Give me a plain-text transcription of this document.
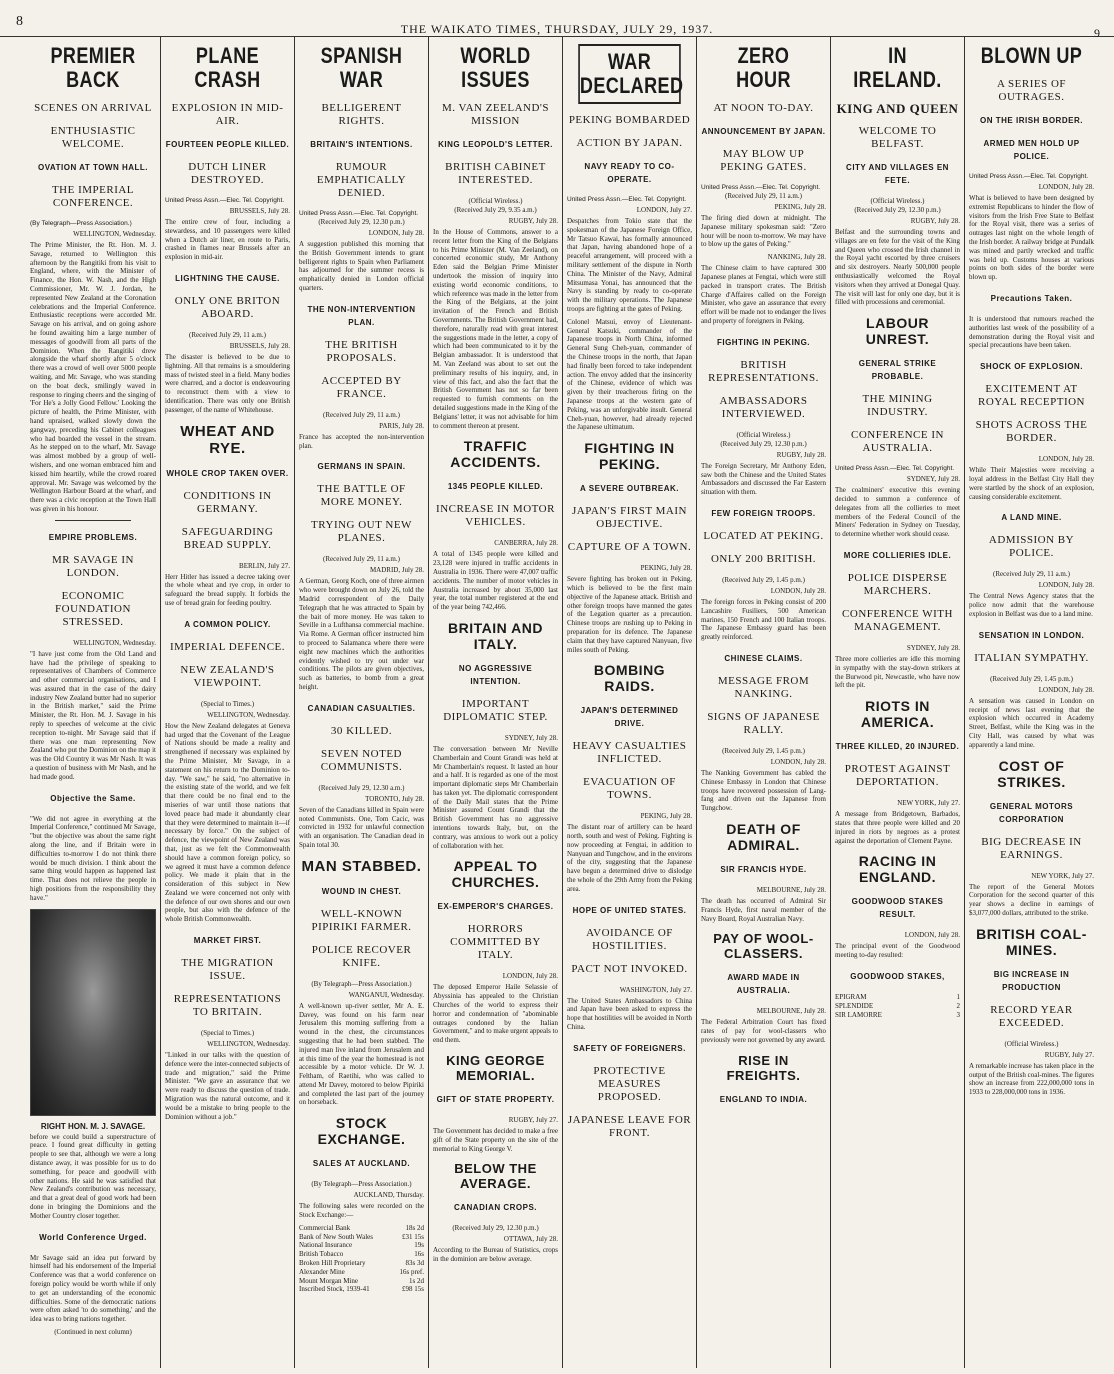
8	THE WAIKATO TIMES, THURSDAY, JULY 29, 1937.	9
PREMIER BACK
SCENES ON ARRIVAL
ENTHUSIASTIC WELCOME.
OVATION AT TOWN HALL.
THE IMPERIAL CONFERENCE.
(By Telegraph—Press Association.)
WELLINGTON, Wednesday.
The Prime Minister, the Rt. Hon. M. J. Savage, returned to Wellington this afternoon by the Rangitiki from his visit to England, where, with the Minister of Finance, the Hon. W. Nash, and the High Commissioner, Mr. W. J. Jordan, he represented New Zealand at the Coronation celebrations and the Imperial Conference. Enthusiastic receptions were accorded Mr. Savage on his arrival, and on going ashore he found awaiting him a large number of messages of goodwill from all parts of the Dominion. When the Rangitiki drew alongside the wharf shortly after 5 o'clock there was a crowd of well over 5000 people waiting, and Mr. Savage, who was standing on the boat deck, smilingly waved in response to ringing cheers and the singing of 'For He's a Jolly Good Fellow.' Looking the picture of health, the Prime Minister, with hand upraised, walked slowly down the gangway, preceding his Cabinet colleagues who had boarded the vessel in the stream. As he stepped on to the wharf, Mr. Savage was almost mobbed by a group of well-wishers, and one woman embraced him and kissed him heartily, while the crowd roared approval. Mr. Savage was welcomed by the Wellington Harbour Board at the wharf, and there was a civic reception at the Town Hall was given in his honour.
EMPIRE PROBLEMS.
MR SAVAGE IN LONDON.
ECONOMIC FOUNDATION STRESSED.
WELLINGTON, Wednesday.
"I have just come from the Old Land and have had the privilege of speaking to representatives of Chambers of Commerce and other commercial organisations, and I was assured that in the case of the dairy industry New Zealand butter had no superior in the British market," said the Prime Minister, the Rt. Hon. M. J. Savage in his reply to speeches of welcome at the civic reception to-night. Mr Savage said that if there was one man representing New Zealand who put the Dominion on the map it was the Old Country it was Mr Nash. It was a question of business with Mr Nash, and he had made good.
Objective the Same.
"We did not agree in everything at the Imperial Conference," continued Mr Savage, "but the objective was about the same right along the line, and if Britain were in difficulties to-morrow I do not think there would be much division. I think about the same thing would happen as happened last time. That does not relieve the people in high positions from the responsibility they have."
RIGHT HON. M. J. SAVAGE.
before we could build a superstructure of peace. I found great difficulty in getting people to see that, although we were a long distance away, it was possible for us to do something, for peace and goodwill with other nations. He said he was satisfied that New Zealand's contribution was necessary, and that a great deal of good work had been done in bringing the Dominions and the Mother Country closer together.
World Conference Urged.
Mr Savage said an idea put forward by himself had his endorsement of the Imperial Conference was that a world conference on foreign policy would be worth while if only to get an understanding of the economic difficulties. Some of the democratic nations were often asked 'to do something,' and the idea was to bring nations together.
(Continued in next column)
PLANE CRASH
EXPLOSION IN MID-AIR.
FOURTEEN PEOPLE KILLED.
DUTCH LINER DESTROYED.
United Press Assn.—Elec. Tel. Copyright.
BRUSSELS, July 28.
The entire crew of four, including a stewardess, and 10 passengers were killed when a Dutch air liner, en route to Paris, crashed in flames near Brussels after an explosion in mid-air.
LIGHTNING THE CAUSE.
ONLY ONE BRITON ABOARD.
(Received July 29, 11 a.m.)
BRUSSELS, July 28.
The disaster is believed to be due to lightning. All that remains is a smouldering mass of twisted steel in a field. Many bodies were charred, and a doctor is endeavouring to reconstruct them with a view to identification. There was only one British passenger, of the name of Whitehouse.
WHEAT AND RYE.
WHOLE CROP TAKEN OVER.
CONDITIONS IN GERMANY.
SAFEGUARDING BREAD SUPPLY.
BERLIN, July 27.
Herr Hitler has issued a decree taking over the whole wheat and rye crop, in order to safeguard the bread supply. It forbids the use of bread grain for feeding poultry.
A COMMON POLICY.
IMPERIAL DEFENCE.
NEW ZEALAND'S VIEWPOINT.
(Special to Times.)
WELLINGTON, Wednesday.
How the New Zealand delegates at Geneva had urged that the Covenant of the League of Nations should be made a reality and strengthened if necessary was explained by the Prime Minister, Mr Savage, in a statement on his return to the Dominion to-day. "We saw," he said, "no alternative in the existing state of the world, and we felt that there could be no final end to the miseries of war until those nations that loved peace had made it abundantly clear that they were determined to maintain it—if necessary by force." On the subject of defence, the viewpoint of New Zealand was that, just as we felt the Commonwealth should have a common foreign policy, so we agreed it must have a common defence policy. We made it plain that in the consideration of this subject in New Zealand we were concerned not only with the defence of our own shores and our own people, but also with the defence of the whole British Commonwealth.
MARKET FIRST.
THE MIGRATION ISSUE.
REPRESENTATIONS TO BRITAIN.
(Special to Times.)
WELLINGTON, Wednesday.
"Linked in our talks with the question of defence were the inter-connected subjects of trade and migration," said the Prime Minister. "We gave an assurance that we were ready to discuss the question of trade. Migration was the natural outcome, and it would be a mistake to bring people to the Dominion without a job."
SPANISH WAR
BELLIGERENT RIGHTS.
BRITAIN'S INTENTIONS.
RUMOUR EMPHATICALLY DENIED.
United Press Assn.—Elec. Tel. Copyright.
(Received July 29, 12.30 p.m.)
LONDON, July 28.
A suggestion published this morning that the British Government intends to grant belligerent rights to Spain when Parliament has adjourned for the summer recess is emphatically denied in London official quarters.
THE NON-INTERVENTION PLAN.
THE BRITISH PROPOSALS.
ACCEPTED BY FRANCE.
(Received July 29, 11 a.m.)
PARIS, July 28.
France has accepted the non-intervention plan.
GERMANS IN SPAIN.
THE BATTLE OF MORE MONEY.
TRYING OUT NEW PLANES.
(Received July 29, 11 a.m.)
MADRID, July 28.
A German, Georg Koch, one of three airmen who were brought down on July 26, told the Madrid correspondent of the Daily Telegraph that he was attracted to Spain by the bait of more money. He was taken to Seville in a Lufthansa commercial machine. Via Rome. A German officer instructed him to proceed to Salamanca where there were eight new machines which the authorities evidently wished to try out under war conditions. The pilots are given objectives, such as batteries, to bomb from a great height.
CANADIAN CASUALTIES.
30 KILLED.
SEVEN NOTED COMMUNISTS.
(Received July 29, 12.30 a.m.)
TORONTO, July 28.
Seven of the Canadians killed in Spain were noted Communists. One, Tom Cacic, was convicted in 1932 for unlawful connection with an organisation. The Canadian dead in Spain total 30.
MAN STABBED.
WOUND IN CHEST.
WELL-KNOWN PIPIRIKI FARMER.
POLICE RECOVER KNIFE.
(By Telegraph—Press Association.)
WANGANUI, Wednesday.
A well-known up-river settler, Mr A. E. Davey, was found on his farm near Jerusalem this morning suffering from a wound in the chest, the circumstances suggesting that he had been stabbed. The injured man live inland from Jerusalem and at this time of the year the homestead is not accessible by a motor vehicle. Dr W. J. Feltham, of Raetihi, who was called to attend Mr Davey, motored to below Pipiriki and completed the last part of the journey on horseback.
STOCK EXCHANGE.
SALES AT AUCKLAND.
(By Telegraph—Press Association.)
AUCKLAND, Thursday.
The following sales were recorded on the Stock Exchange:—
Commercial Bank	18s 2d
Bank of New South Wales	£31 15s
National Insurance	19s
British Tobacco	16s
Broken Hill Proprietary	83s 3d
Alexander Mine	16s pref.
Mount Morgan Mine	1s 2d
Inscribed Stock, 1939-41	£98 15s
WORLD ISSUES
M. VAN ZEELAND'S MISSION
KING LEOPOLD'S LETTER.
BRITISH CABINET INTERESTED.
(Official Wireless.)
(Received July 29, 9.35 a.m.)
RUGBY, July 28.
In the House of Commons, answer to a recent letter from the King of the Belgians to his Prime Minister (M. Van Zeeland), on concerted economic study, Mr Anthony Eden said the Belgian Prime Minister undertook the mission of inquiry into existing world economic conditions, to which reference was made in the letter from the King of the Belgians, at the joint invitation of the French and British Governments. The British Government had, therefore, naturally read with great interest the suggestions made in the letter, a copy of which had been communicated to it by the Belgian ambassador. It is understood that M. Van Zeeland was about to set out the preliminary results of his inquiry, and, in view of this fact, and also the fact that the British Government has not so far been requested to furnish comments on the detailed suggestions made in the King of the Belgians' letter, it was not advisable for him to comment thereon at present.
TRAFFIC ACCIDENTS.
1345 PEOPLE KILLED.
INCREASE IN MOTOR VEHICLES.
CANBERRA, July 28.
A total of 1345 people were killed and 23,128 were injured in traffic accidents in Australia in 1936. There were 47,007 traffic accidents. The number of motor vehicles in Australia increased by about 35,000 last year, the total number registered at the end of the year being 742,466.
BRITAIN AND ITALY.
NO AGGRESSIVE INTENTION.
IMPORTANT DIPLOMATIC STEP.
SYDNEY, July 28.
The conversation between Mr Neville Chamberlain and Count Grandi was held at Mr Chamberlain's request. It lasted an hour and a half. It is regarded as one of the most important diplomatic steps Mr Chamberlain has taken yet. The diplomatic correspondent of the Daily Mail states that the Prime Minister assured Count Grandi that the British Government has no aggressive intentions towards Italy, but, on the contrary, was anxious to work out a policy of collaboration with her.
APPEAL TO CHURCHES.
EX-EMPEROR'S CHARGES.
HORRORS COMMITTED BY ITALY.
LONDON, July 28.
The deposed Emperor Haile Selassie of Abyssinia has appealed to the Christian Churches of the world to express their horror and condemnation of "abominable outrages condoned by the Italian Government," and to make urgent appeals to end them.
KING GEORGE MEMORIAL.
GIFT OF STATE PROPERTY.
RUGBY, July 27.
The Government has decided to make a free gift of the State property on the site of the memorial to King George V.
BELOW THE AVERAGE.
CANADIAN CROPS.
(Received July 29, 12.30 p.m.)
OTTAWA, July 28.
According to the Bureau of Statistics, crops in the dominion are below average.
WAR DECLARED
PEKING BOMBARDED
ACTION BY JAPAN.
NAVY READY TO CO-OPERATE.
United Press Assn.—Elec. Tel. Copyright.
LONDON, July 27.
Despatches from Tokio state that the spokesman of the Japanese Foreign Office, Mr Tatsuo Kawai, has formally announced that Japan, having abandoned hope of a peaceful arrangement, will proceed with a military settlement of the dispute in North China. The Minister of the Navy, Admiral Mitsumasa Yonai, has announced that the Navy is standing by ready to co-operate with the military operations. The Japanese troops are fighting at the gates of Peking.
Colonel Matsui, envoy of Lieutenant-General Katsuki, commander of the Japanese troops in North China, informed General Sung Cheh-yuan, commander of the Chinese troops in the north, that Japan had finally been forced to take independent action. The envoy added that the insincerity of the Chinese, evidence of which was given by their treacherous firing on the Japanese troops at the western gate of Peking, was an unforgivable insult. General Cheh-yuan, however, had already rejected the Japanese ultimatum.
FIGHTING IN PEKING.
A SEVERE OUTBREAK.
JAPAN'S FIRST MAIN OBJECTIVE.
CAPTURE OF A TOWN.
PEKING, July 28.
Severe fighting has broken out in Peking, which is believed to be the first main objective of the Japanese attack. British and other foreign troops have manned the gates of the Legation quarter as a precaution. Chinese troops are rushing up to Peking in preparation for its defence. The Japanese claim that they have captured Nanyuan, five miles south of Peking.
BOMBING RAIDS.
JAPAN'S DETERMINED DRIVE.
HEAVY CASUALTIES INFLICTED.
EVACUATION OF TOWNS.
PEKING, July 28.
The distant roar of artillery can be heard north, south and west of Peking. Fighting is now proceeding at Fengtai, in addition to Nanyuan and Tungchow, and in the environs of the city, suggesting that the Japanese have begun a determined drive to dislodge the whole of the 29th Army from the Peking area.
HOPE OF UNITED STATES.
AVOIDANCE OF HOSTILITIES.
PACT NOT INVOKED.
WASHINGTON, July 27.
The United States Ambassadors to China and Japan have been asked to express the hope that hostilities will be avoided in North China.
SAFETY OF FOREIGNERS.
PROTECTIVE MEASURES PROPOSED.
JAPANESE LEAVE FOR FRONT.
ZERO HOUR
AT NOON TO-DAY.
ANNOUNCEMENT BY JAPAN.
MAY BLOW UP PEKING GATES.
United Press Assn.—Elec. Tel. Copyright.
(Received July 29, 11 a.m.)
PEKING, July 28.
The firing died down at midnight. The Japanese military spokesman said: "Zero hour will be noon to-morrow. We may have to blow up the gates of Peking."
NANKING, July 28.
The Chinese claim to have captured 300 Japanese planes at Fengtai, which were still packed in transport crates. The British Charge d'Affaires called on the Foreign Minister, who gave an assurance that every effort will be made not to endanger the lives and property of foreigners in Peking.
FIGHTING IN PEKING.
BRITISH REPRESENTATIONS.
AMBASSADORS INTERVIEWED.
(Official Wireless.)
(Received July 29, 12.30 p.m.)
RUGBY, July 28.
The Foreign Secretary, Mr Anthony Eden, saw both the Chinese and the United States Ambassadors and discussed the Far Eastern situation with them.
FEW FOREIGN TROOPS.
LOCATED AT PEKING.
ONLY 200 BRITISH.
(Received July 29, 1.45 p.m.)
LONDON, July 28.
The foreign forces in Peking consist of 200 Lancashire Fusiliers, 500 American marines, 150 French and 100 Italian troops. The Japanese Embassy guard has been greatly reinforced.
CHINESE CLAIMS.
MESSAGE FROM NANKING.
SIGNS OF JAPANESE RALLY.
(Received July 29, 1.45 p.m.)
LONDON, July 28.
The Nanking Government has cabled the Chinese Embassy in London that Chinese troops have recovered possession of Lang-fang and driven out the Japanese from Tungchow.
DEATH OF ADMIRAL.
SIR FRANCIS HYDE.
MELBOURNE, July 28.
The death has occurred of Admiral Sir Francis Hyde, first naval member of the Navy Board, Royal Australian Navy.
PAY OF WOOL-CLASSERS.
AWARD MADE IN AUSTRALIA.
MELBOURNE, July 28.
The Federal Arbitration Court has fixed rates of pay for wool-classers who previously were not governed by any award.
RISE IN FREIGHTS.
ENGLAND TO INDIA.
IN IRELAND.
KING AND QUEEN
WELCOME TO BELFAST.
CITY AND VILLAGES EN FETE.
(Official Wireless.)
(Received July 29, 12.30 p.m.)
RUGBY, July 28.
Belfast and the surrounding towns and villages are en fete for the visit of the King and Queen who crossed the Irish channel in the Royal yacht escorted by three cruisers and six destroyers. Nearly 500,000 people enthusiastically welcomed the Royal visitors when they arrived at Donegal Quay. The visit will last for only one day, but it is filled with processions and ceremonial.
LABOUR UNREST.
GENERAL STRIKE PROBABLE.
THE MINING INDUSTRY.
CONFERENCE IN AUSTRALIA.
United Press Assn.—Elec. Tel. Copyright.
SYDNEY, July 28.
The coalminers' executive this evening decided to summon a conference of delegates from all the collieries to meet members of the Federal Council of the Miners' Federation in Sydney on Tuesday, to determine whether work should cease.
MORE COLLIERIES IDLE.
POLICE DISPERSE MARCHERS.
CONFERENCE WITH MANAGEMENT.
SYDNEY, July 28.
Three more collieries are idle this morning in sympathy with the stay-down strikers at the Burwood pit, Newcastle, who have now left the pit.
RIOTS IN AMERICA.
THREE KILLED, 20 INJURED.
PROTEST AGAINST DEPORTATION.
NEW YORK, July 27.
A message from Bridgetown, Barbados, states that three people were killed and 20 injured in riots by negroes as a protest against the deportation of Clement Payne.
RACING IN ENGLAND.
GOODWOOD STAKES RESULT.
LONDON, July 28.
The principal event of the Goodwood meeting to-day resulted:
GOODWOOD STAKES,
EPIGRAM	1
SPLENDIDE	2
SIR LAMORRE	3
BLOWN UP
A SERIES OF OUTRAGES.
ON THE IRISH BORDER.
ARMED MEN HOLD UP POLICE.
United Press Assn.—Elec. Tel. Copyright.
LONDON, July 28.
What is believed to have been designed by extremist Republicans to hinder the flow of visitors from the Irish Free State to Belfast for the Royal visit, there was a series of outrages last night on the whole length of the Irish border. A railway bridge at Pundalk was mined and partly wrecked and traffic was held up. Customs houses at various points on both sides of the border were blown up.
Precautions Taken.
It is understood that rumours reached the authorities last week of the possibility of a demonstration during the Royal visit and special precautions have been taken.
SHOCK OF EXPLOSION.
EXCITEMENT AT ROYAL RECEPTION
SHOTS ACROSS THE BORDER.
LONDON, July 28.
While Their Majesties were receiving a loyal address in the Belfast City Hall they were startled by the shock of an explosion, causing considerable excitement.
A LAND MINE.
ADMISSION BY POLICE.
(Received July 29, 11 a.m.)
LONDON, July 28.
The Central News Agency states that the police now admit that the warehouse explosion in Belfast was due to a land mine.
SENSATION IN LONDON.
ITALIAN SYMPATHY.
(Received July 29, 1.45 p.m.)
LONDON, July 28.
A sensation was caused in London on receipt of news last evening that the explosion which occurred in Academy Street, Belfast, while the King was in the City Hall, was caused by what was apparently a land mine.
COST OF STRIKES.
GENERAL MOTORS CORPORATION
BIG DECREASE IN EARNINGS.
NEW YORK, July 27.
The report of the General Motors Corporation for the second quarter of this year shows a decline in earnings of $3,077,000 dollars, attributed to the strike.
BRITISH COAL-MINES.
BIG INCREASE IN PRODUCTION
RECORD YEAR EXCEEDED.
(Official Wireless.)
RUGBY, July 27.
A remarkable increase has taken place in the output of the British coal-mines. The figures show an increase from 222,000,000 tons in 1933 to 228,000,000 tons in 1936.
